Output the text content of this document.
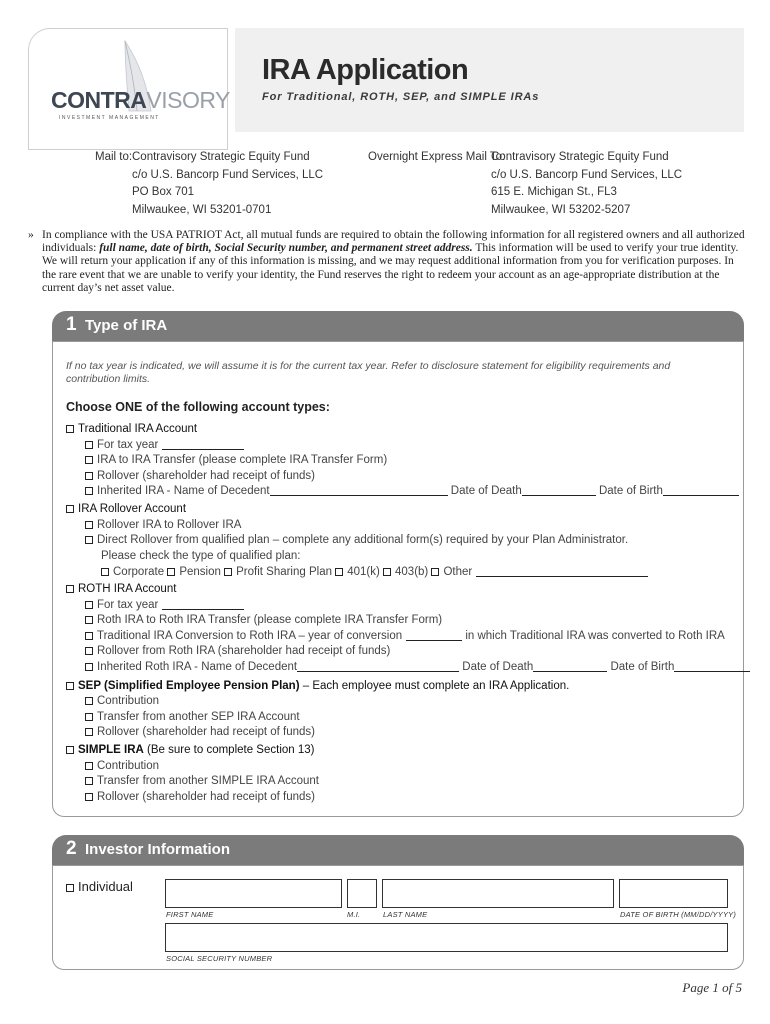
CONTRAVISORY
INVESTMENT MANAGEMENT
IRA Application
For Traditional, ROTH, SEP, and SIMPLE IRAs
Mail to: Contravisory Strategic Equity Fund
c/o U.S. Bancorp Fund Services, LLC
PO Box 701
Milwaukee, WI 53201-0701
Overnight Express Mail To:
Contravisory Strategic Equity Fund
c/o U.S. Bancorp Fund Services, LLC
615 E. Michigan St., FL3
Milwaukee, WI 53202-5207
» In compliance with the USA PATRIOT Act, all mutual funds are required to obtain the following information for all registered owners and all authorized individuals: full name, date of birth, Social Security number, and permanent street address. This information will be used to verify your true identity. We will return your application if any of this information is missing, and we may request additional information from you for verification purposes. In the rare event that we are unable to verify your identity, the Fund reserves the right to redeem your account as an age-appropriate distribution at the current day’s net asset value.
1 Type of IRA
If no tax year is indicated, we will assume it is for the current tax year. Refer to disclosure statement for eligibility requirements and contribution limits.
Choose ONE of the following account types:
Traditional IRA Account
For tax year
IRA to IRA Transfer (please complete IRA Transfer Form)
Rollover (shareholder had receipt of funds)
Inherited IRA - Name of Decedent	Date of Death	Date of Birth
IRA Rollover Account
Rollover IRA to Rollover IRA
Direct Rollover from qualified plan – complete any additional form(s) required by your Plan Administrator.
Please check the type of qualified plan:
Corporate Pension Profit Sharing Plan 401(k) 403(b) Other
ROTH IRA Account
For tax year
Roth IRA to Roth IRA Transfer (please complete IRA Transfer Form)
Traditional IRA Conversion to Roth IRA – year of conversion	in which Traditional IRA was converted to Roth IRA
Rollover from Roth IRA (shareholder had receipt of funds)
Inherited Roth IRA - Name of Decedent	Date of Death	Date of Birth
SEP (Simplified Employee Pension Plan) – Each employee must complete an IRA Application.
Contribution
Transfer from another SEP IRA Account
Rollover (shareholder had receipt of funds)
SIMPLE IRA (Be sure to complete Section 13)
Contribution
Transfer from another SIMPLE IRA Account
Rollover (shareholder had receipt of funds)
2 Investor Information
Individual
FIRST NAME	M.I.	LAST NAME	DATE OF BIRTH (MM/DD/YYYY)
SOCIAL SECURITY NUMBER
Page 1 of 5
